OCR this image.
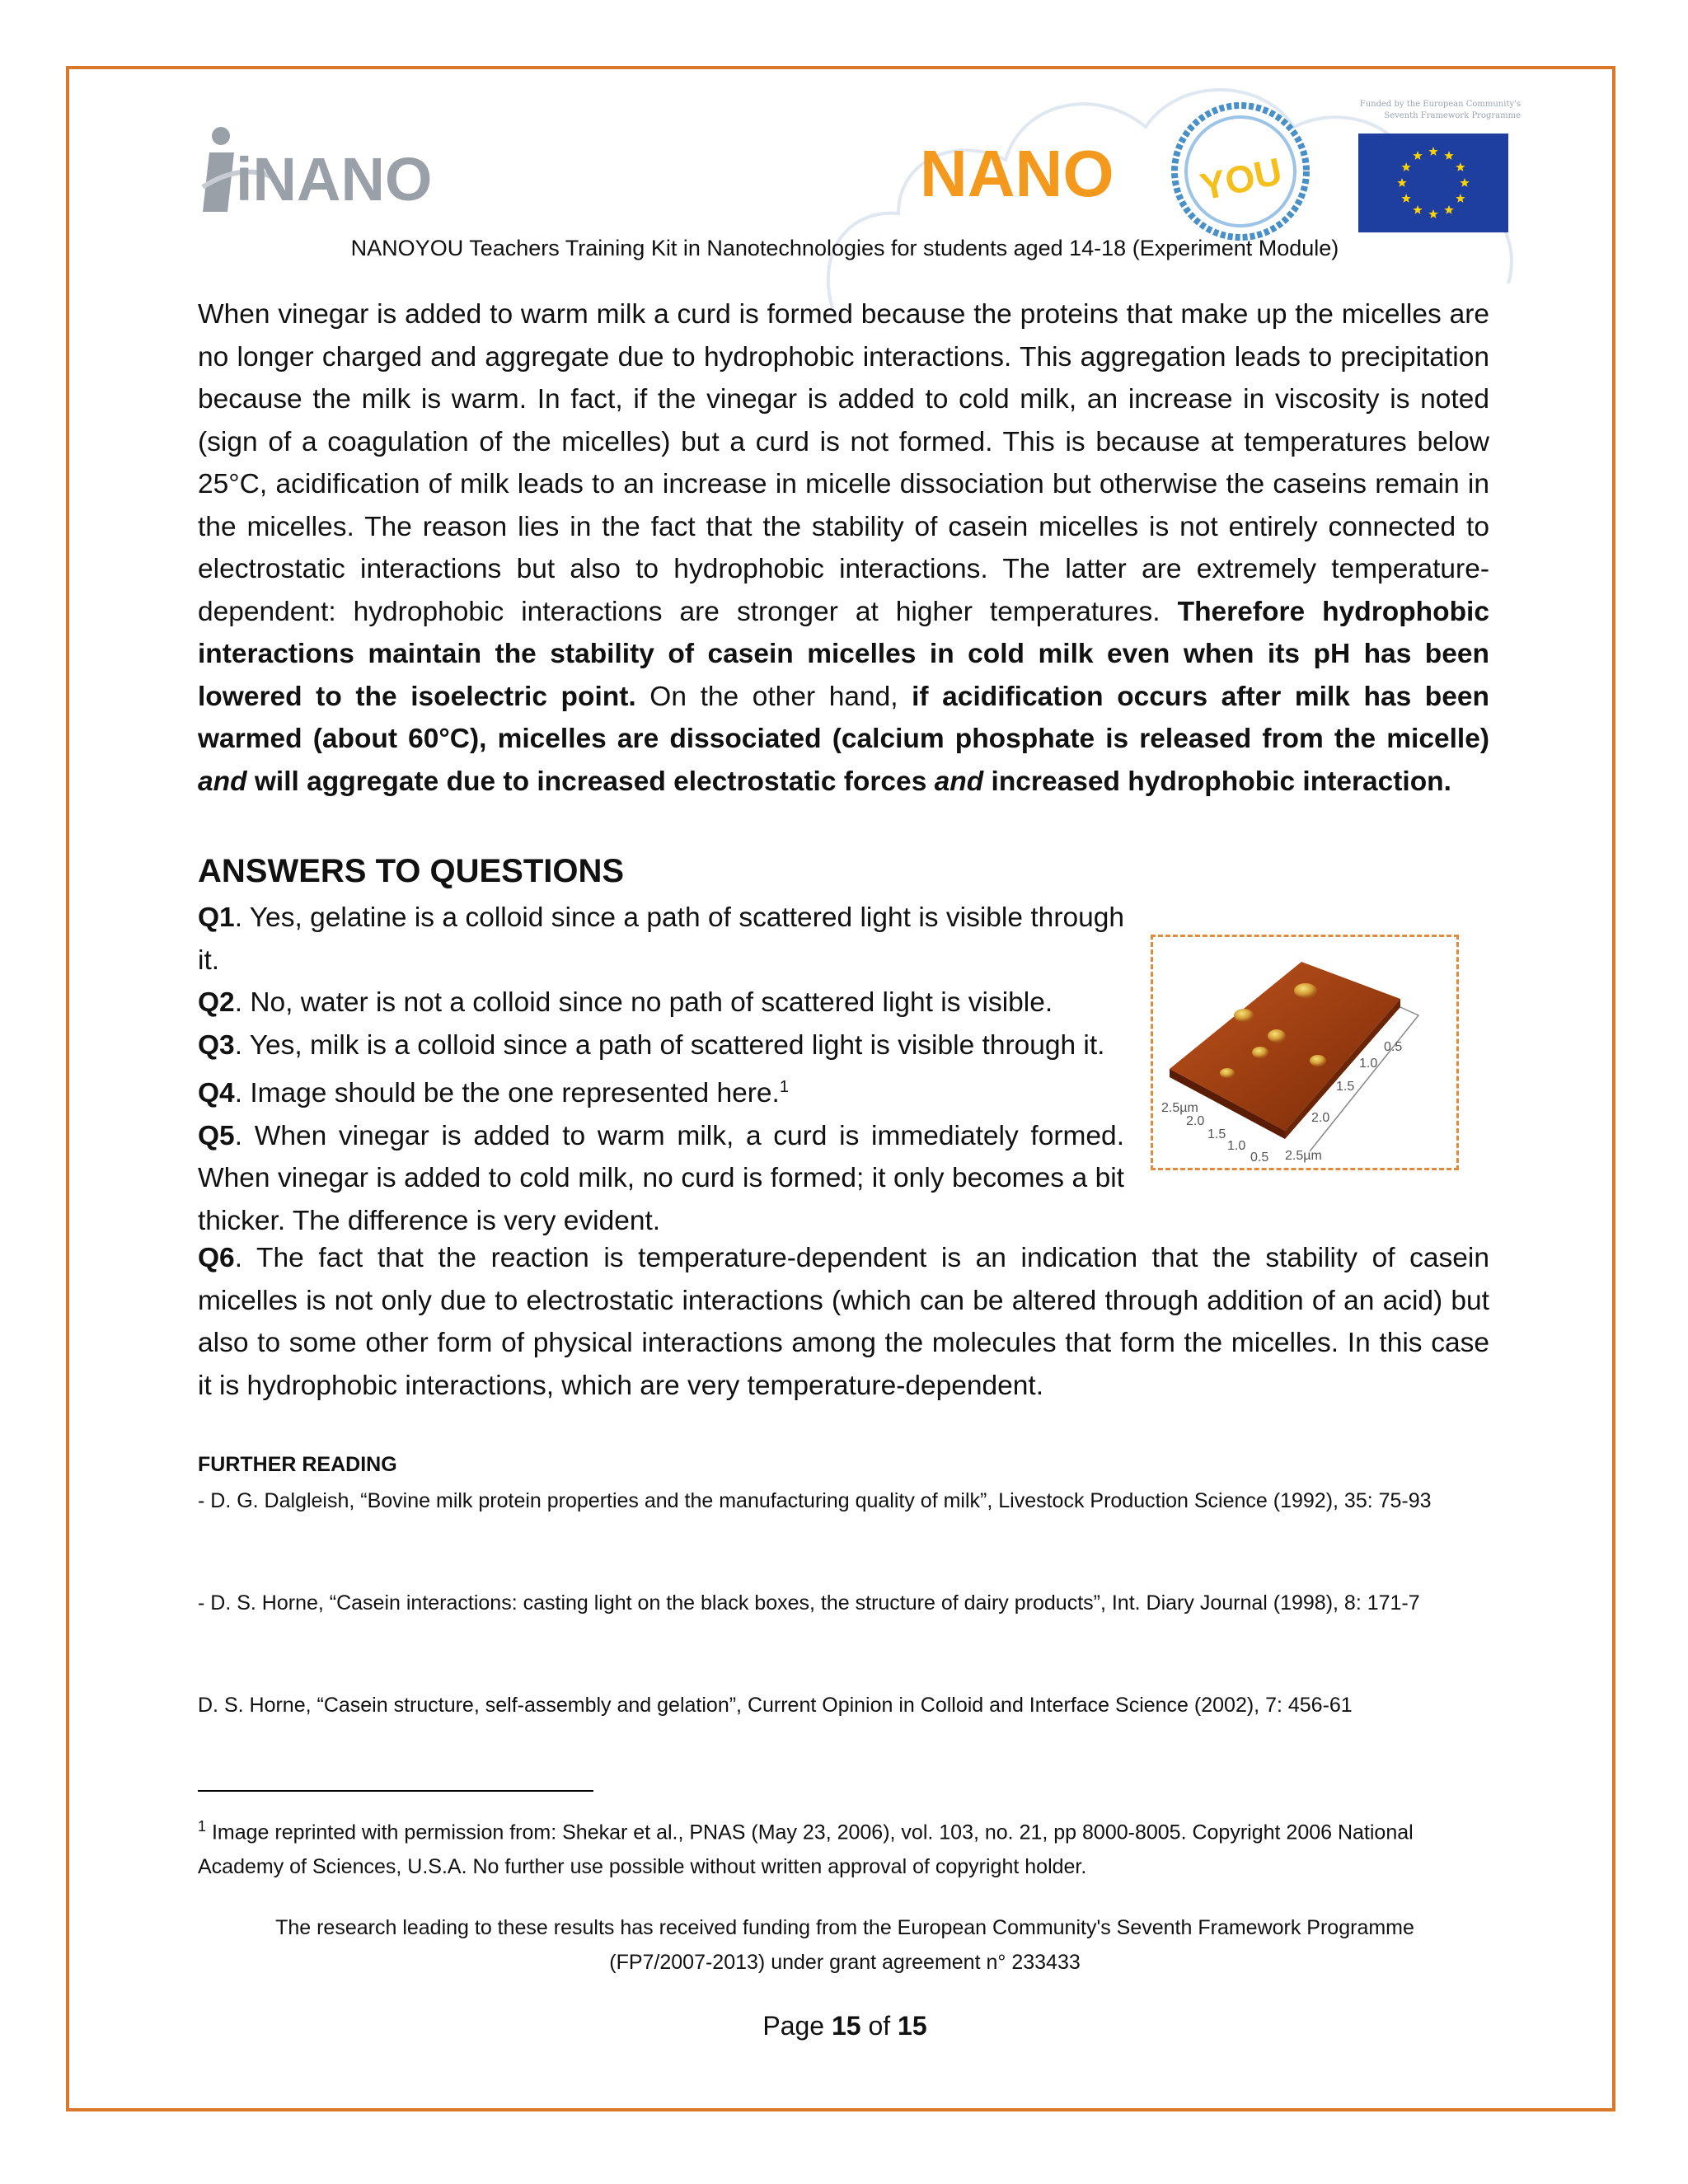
iNANO	NANO YOU
Funded by the European Community's
Seventh Framework Programme
NANOYOU Teachers Training Kit in Nanotechnologies for students aged 14-18 (Experiment Module)
When vinegar is added to warm milk a curd is formed because the proteins that make up the micelles are no longer charged and aggregate due to hydrophobic interactions. This aggregation leads to precipitation because the milk is warm. In fact, if the vinegar is added to cold milk, an increase in viscosity is noted (sign of a coagulation of the micelles) but a curd is not formed. This is because at temperatures below 25°C, acidification of milk leads to an increase in micelle dissociation but otherwise the caseins remain in the micelles. The reason lies in the fact that the stability of casein micelles is not entirely connected to electrostatic interactions but also to hydrophobic interactions. The latter are extremely temperature-dependent: hydrophobic interactions are stronger at higher temperatures. Therefore hydrophobic interactions maintain the stability of casein micelles in cold milk even when its pH has been lowered to the isoelectric point. On the other hand, if acidification occurs after milk has been warmed (about 60°C), micelles are dissociated (calcium phosphate is released from the micelle) and will aggregate due to increased electrostatic forces and increased hydrophobic interaction.
ANSWERS TO QUESTIONS
Q1. Yes, gelatine is a colloid since a path of scattered light is visible through it.
Q2. No, water is not a colloid since no path of scattered light is visible.
Q3. Yes, milk is a colloid since a path of scattered light is visible through it.
Q4. Image should be the one represented here.$^1$
Q5. When vinegar is added to warm milk, a curd is immediately formed. When vinegar is added to cold milk, no curd is formed; it only becomes a bit thicker. The difference is very evident.
2.5µm
2.0
1.5
1.0
0.5
0.5
1.0
1.5
2.0
2.5µm
Q6. The fact that the reaction is temperature-dependent is an indication that the stability of casein micelles is not only due to electrostatic interactions (which can be altered through addition of an acid) but also to some other form of physical interactions among the molecules that form the micelles. In this case it is hydrophobic interactions, which are very temperature-dependent.
FURTHER READING
- D. G. Dalgleish, “Bovine milk protein properties and the manufacturing quality of milk”, Livestock Production Science (1992), 35: 75-93
- D. S. Horne, “Casein interactions: casting light on the black boxes, the structure of dairy products”, Int. Diary Journal (1998), 8: 171-7
D. S. Horne, “Casein structure, self-assembly and gelation”, Current Opinion in Colloid and Interface Science (2002), 7: 456-61
$^1$ Image reprinted with permission from: Shekar et al., PNAS (May 23, 2006), vol. 103, no. 21, pp 8000-8005. Copyright 2006 National Academy of Sciences, U.S.A. No further use possible without written approval of copyright holder.
The research leading to these results has received funding from the European Community's Seventh Framework Programme
(FP7/2007-2013) under grant agreement n° 233433
Page 15 of 15
